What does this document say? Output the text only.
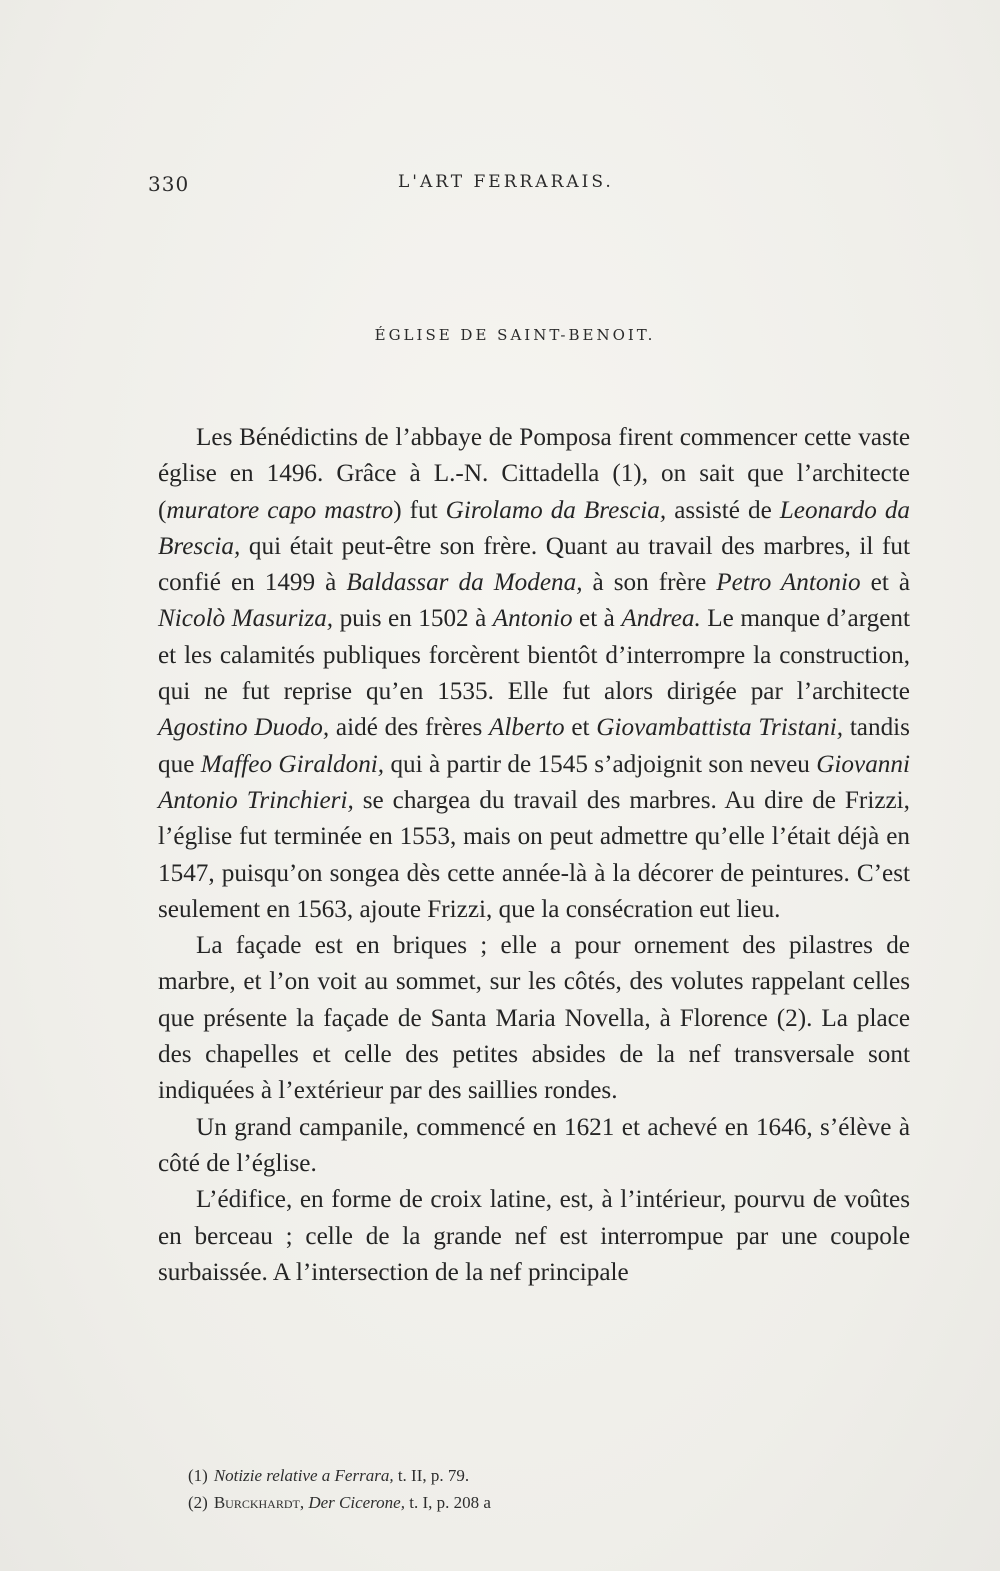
330	L'ART FERRARAIS.
ÉGLISE DE SAINT-BENOIT.

Les Bénédictins de l’abbaye de Pomposa firent commencer cette vaste église en 1496. Grâce à L.-N. Cittadella (1), on sait que l’architecte (muratore capo mastro) fut Girolamo da Brescia, assisté de Leonardo da Brescia, qui était peut-être son frère. Quant au travail des marbres, il fut confié en 1499 à Baldassar da Modena, à son frère Petro Antonio et à Nicolò Masuriza, puis en 1502 à Antonio et à Andrea. Le manque d’argent et les calamités publiques forcèrent bientôt d’interrompre la construction, qui ne fut reprise qu’en 1535. Elle fut alors dirigée par l’architecte Agostino Duodo, aidé des frères Alberto et Giovambattista Tristani, tandis que Maffeo Giraldoni, qui à partir de 1545 s’adjoignit son neveu Giovanni Antonio Trinchieri, se chargea du travail des marbres. Au dire de Frizzi, l’église fut terminée en 1553, mais on peut admettre qu’elle l’était déjà en 1547, puisqu’on songea dès cette année-là à la décorer de peintures. C’est seulement en 1563, ajoute Frizzi, que la consécration eut lieu.

La façade est en briques ; elle a pour ornement des pilastres de marbre, et l’on voit au sommet, sur les côtés, des volutes rappelant celles que présente la façade de Santa Maria Novella, à Florence (2). La place des chapelles et celle des petites absides de la nef transversale sont indiquées à l’extérieur par des saillies rondes.

Un grand campanile, commencé en 1621 et achevé en 1646, s’élève à côté de l’église.

L’édifice, en forme de croix latine, est, à l’intérieur, pourvu de voûtes en berceau ; celle de la grande nef est interrompue par une coupole surbaissée. A l’intersection de la nef principale

(1) Notizie relative a Ferrara, t. II, p. 79.
(2) Burckhardt, Der Cicerone, t. I, p. 208 a
